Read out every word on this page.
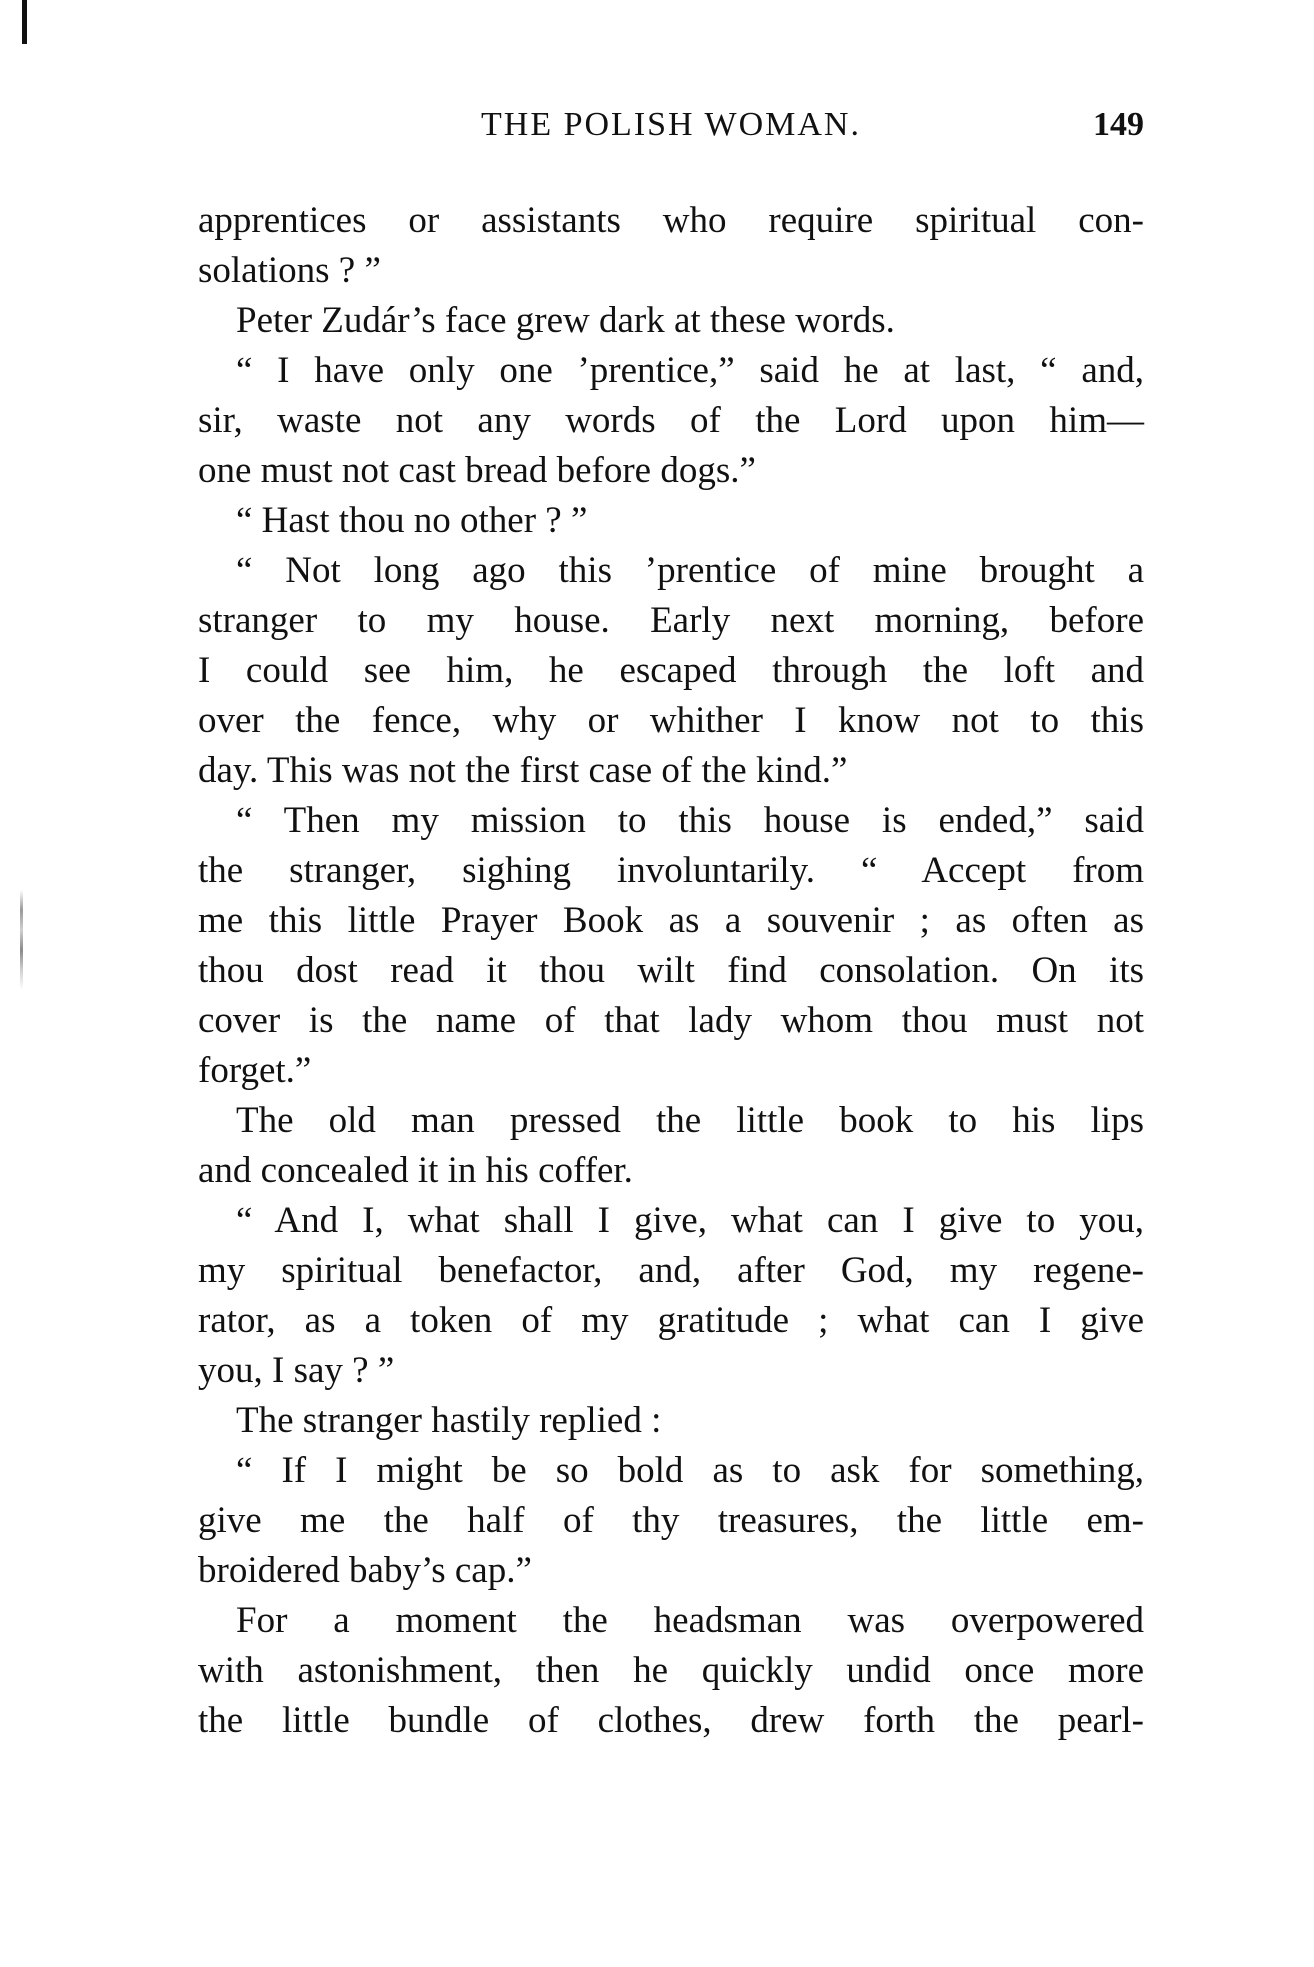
THE POLISH WOMAN.	149
apprentices or assistants who require spiritual con-
solations ? ”
Peter Zudár’s face grew dark at these words.
“ I have only one ’prentice,” said he at last, “ and,
sir, waste not any words of the Lord upon him—
one must not cast bread before dogs.”
“ Hast thou no other ? ”
“ Not long ago this ’prentice of mine brought a
stranger to my house. Early next morning, before
I could see him, he escaped through the loft and
over the fence, why or whither I know not to this
day. This was not the first case of the kind.”
“ Then my mission to this house is ended,” said
the stranger, sighing involuntarily. “ Accept from
me this little Prayer Book as a souvenir ; as often as
thou dost read it thou wilt find consolation. On its
cover is the name of that lady whom thou must not
forget.”
The old man pressed the little book to his lips
and concealed it in his coffer.
“ And I, what shall I give, what can I give to you,
my spiritual benefactor, and, after God, my regene-
rator, as a token of my gratitude ; what can I give
you, I say ? ”
The stranger hastily replied :
“ If I might be so bold as to ask for something,
give me the half of thy treasures, the little em-
broidered baby’s cap.”
For a moment the headsman was overpowered
with astonishment, then he quickly undid once more
the little bundle of clothes, drew forth the pearl-
